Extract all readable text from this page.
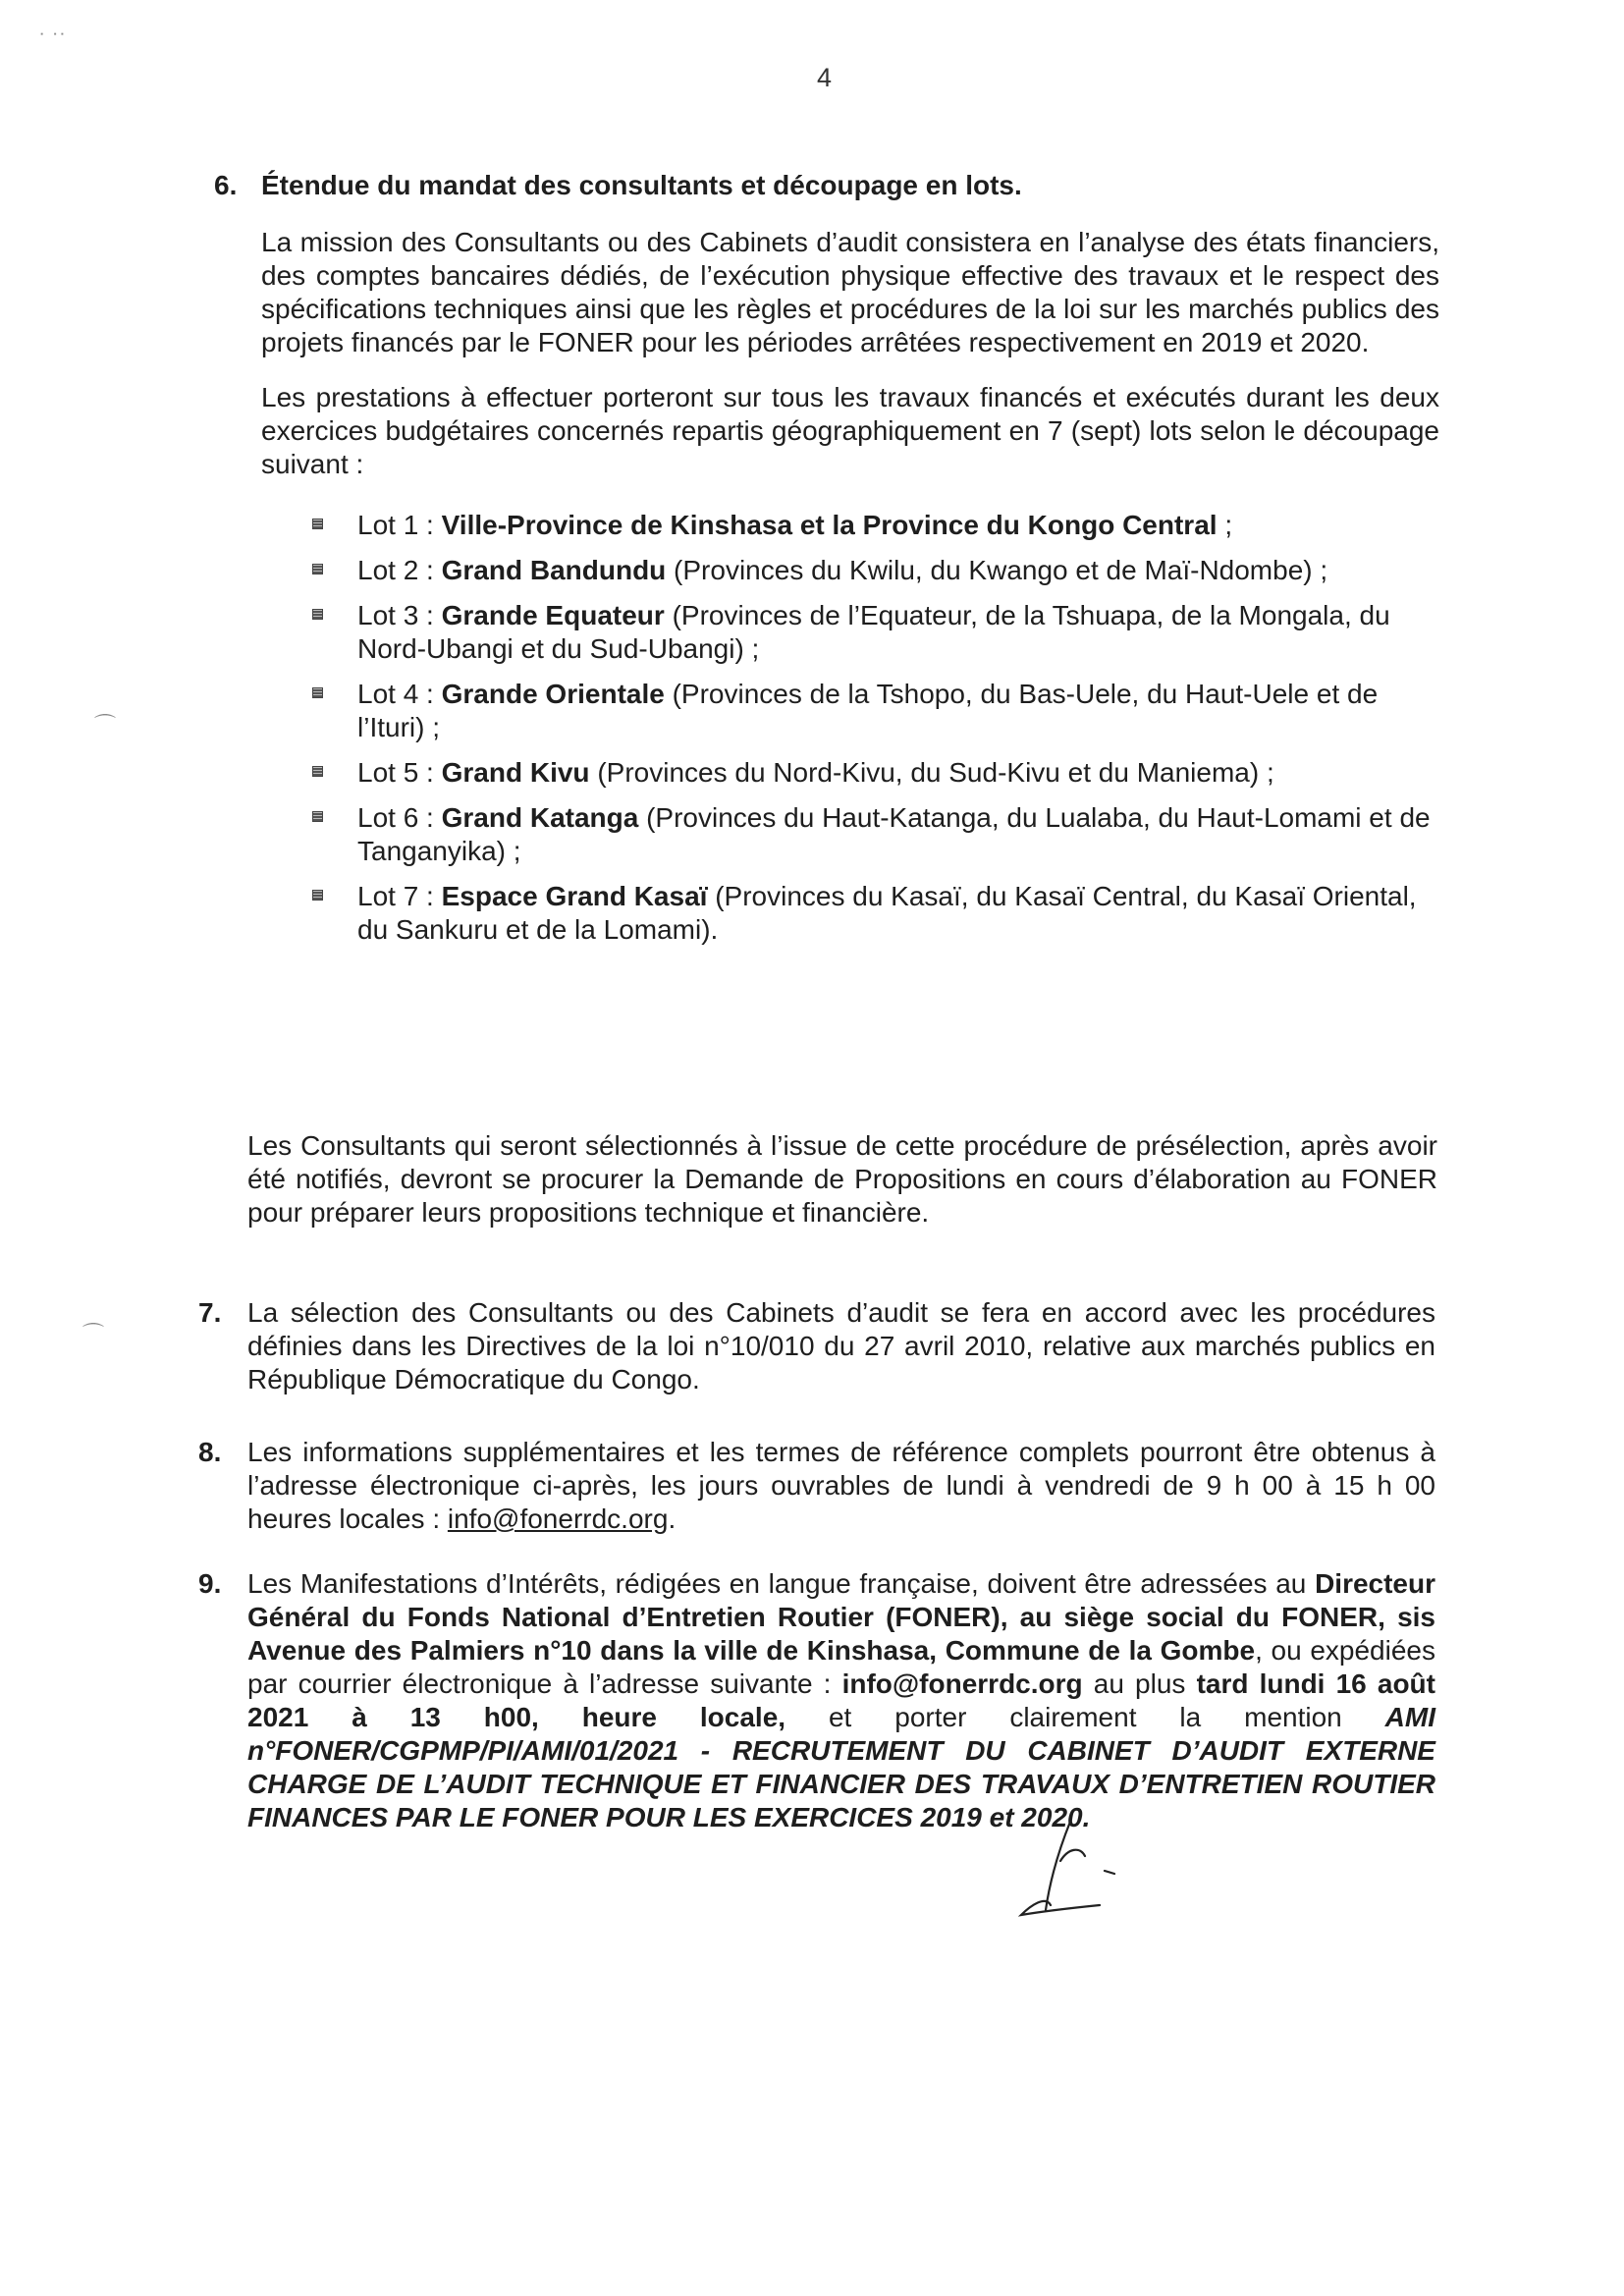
˙ ˙˙
⌒
⌒
4
6. Étendue du mandat des consultants et découpage en lots.

La mission des Consultants ou des Cabinets d’audit consistera en l’analyse des états financiers, des comptes bancaires dédiés, de l’exécution physique effective des travaux et le respect des spécifications techniques ainsi que les règles et procédures de la loi sur les marchés publics des projets financés par le FONER pour les périodes arrêtées respectivement en 2019 et 2020.

Les prestations à effectuer porteront sur tous les travaux financés et exécutés durant les deux exercices budgétaires concernés repartis géographiquement en 7 (sept) lots selon le découpage suivant :

Lot 1 : Ville-Province de Kinshasa et la Province du Kongo Central ;
Lot 2 : Grand Bandundu (Provinces du Kwilu, du Kwango et de Maï-Ndombe) ;
Lot 3 : Grande Equateur (Provinces de l’Equateur, de la Tshuapa, de la Mongala, du Nord-Ubangi et du Sud-Ubangi) ;
Lot 4 : Grande Orientale (Provinces de la Tshopo, du Bas-Uele, du Haut-Uele et de l’Ituri) ;
Lot 5 : Grand Kivu (Provinces du Nord-Kivu, du Sud-Kivu et du Maniema) ;
Lot 6 : Grand Katanga (Provinces du Haut-Katanga, du Lualaba, du Haut-Lomami et de Tanganyika) ;
Lot 7 : Espace Grand Kasaï (Provinces du Kasaï, du Kasaï Central, du Kasaï Oriental, du Sankuru et de la Lomami).

Les Consultants qui seront sélectionnés à l’issue de cette procédure de présélection, après avoir été notifiés, devront se procurer la Demande de Propositions en cours d’élaboration au FONER pour préparer leurs propositions technique et financière.

7. La sélection des Consultants ou des Cabinets d’audit se fera en accord avec les procédures définies dans les Directives de la loi n°10/010 du 27 avril 2010, relative aux marchés publics en République Démocratique du Congo.

8. Les informations supplémentaires et les termes de référence complets pourront être obtenus à l’adresse électronique ci-après, les jours ouvrables de lundi à vendredi de 9 h 00 à 15 h 00 heures locales : info@fonerrdc.org.

9. Les Manifestations d’Intérêts, rédigées en langue française, doivent être adressées au Directeur Général du Fonds National d’Entretien Routier (FONER), au siège social du FONER, sis Avenue des Palmiers n°10 dans la ville de Kinshasa, Commune de la Gombe, ou expédiées par courrier électronique à l’adresse suivante : info@fonerrdc.org au plus tard lundi 16 août 2021 à 13 h00, heure locale, et porter clairement la mention AMI n°FONER/CGPMP/PI/AMI/01/2021 - RECRUTEMENT DU CABINET D’AUDIT EXTERNE CHARGE DE L’AUDIT TECHNIQUE ET FINANCIER DES TRAVAUX D’ENTRETIEN ROUTIER FINANCES PAR LE FONER POUR LES EXERCICES 2019 et 2020.
